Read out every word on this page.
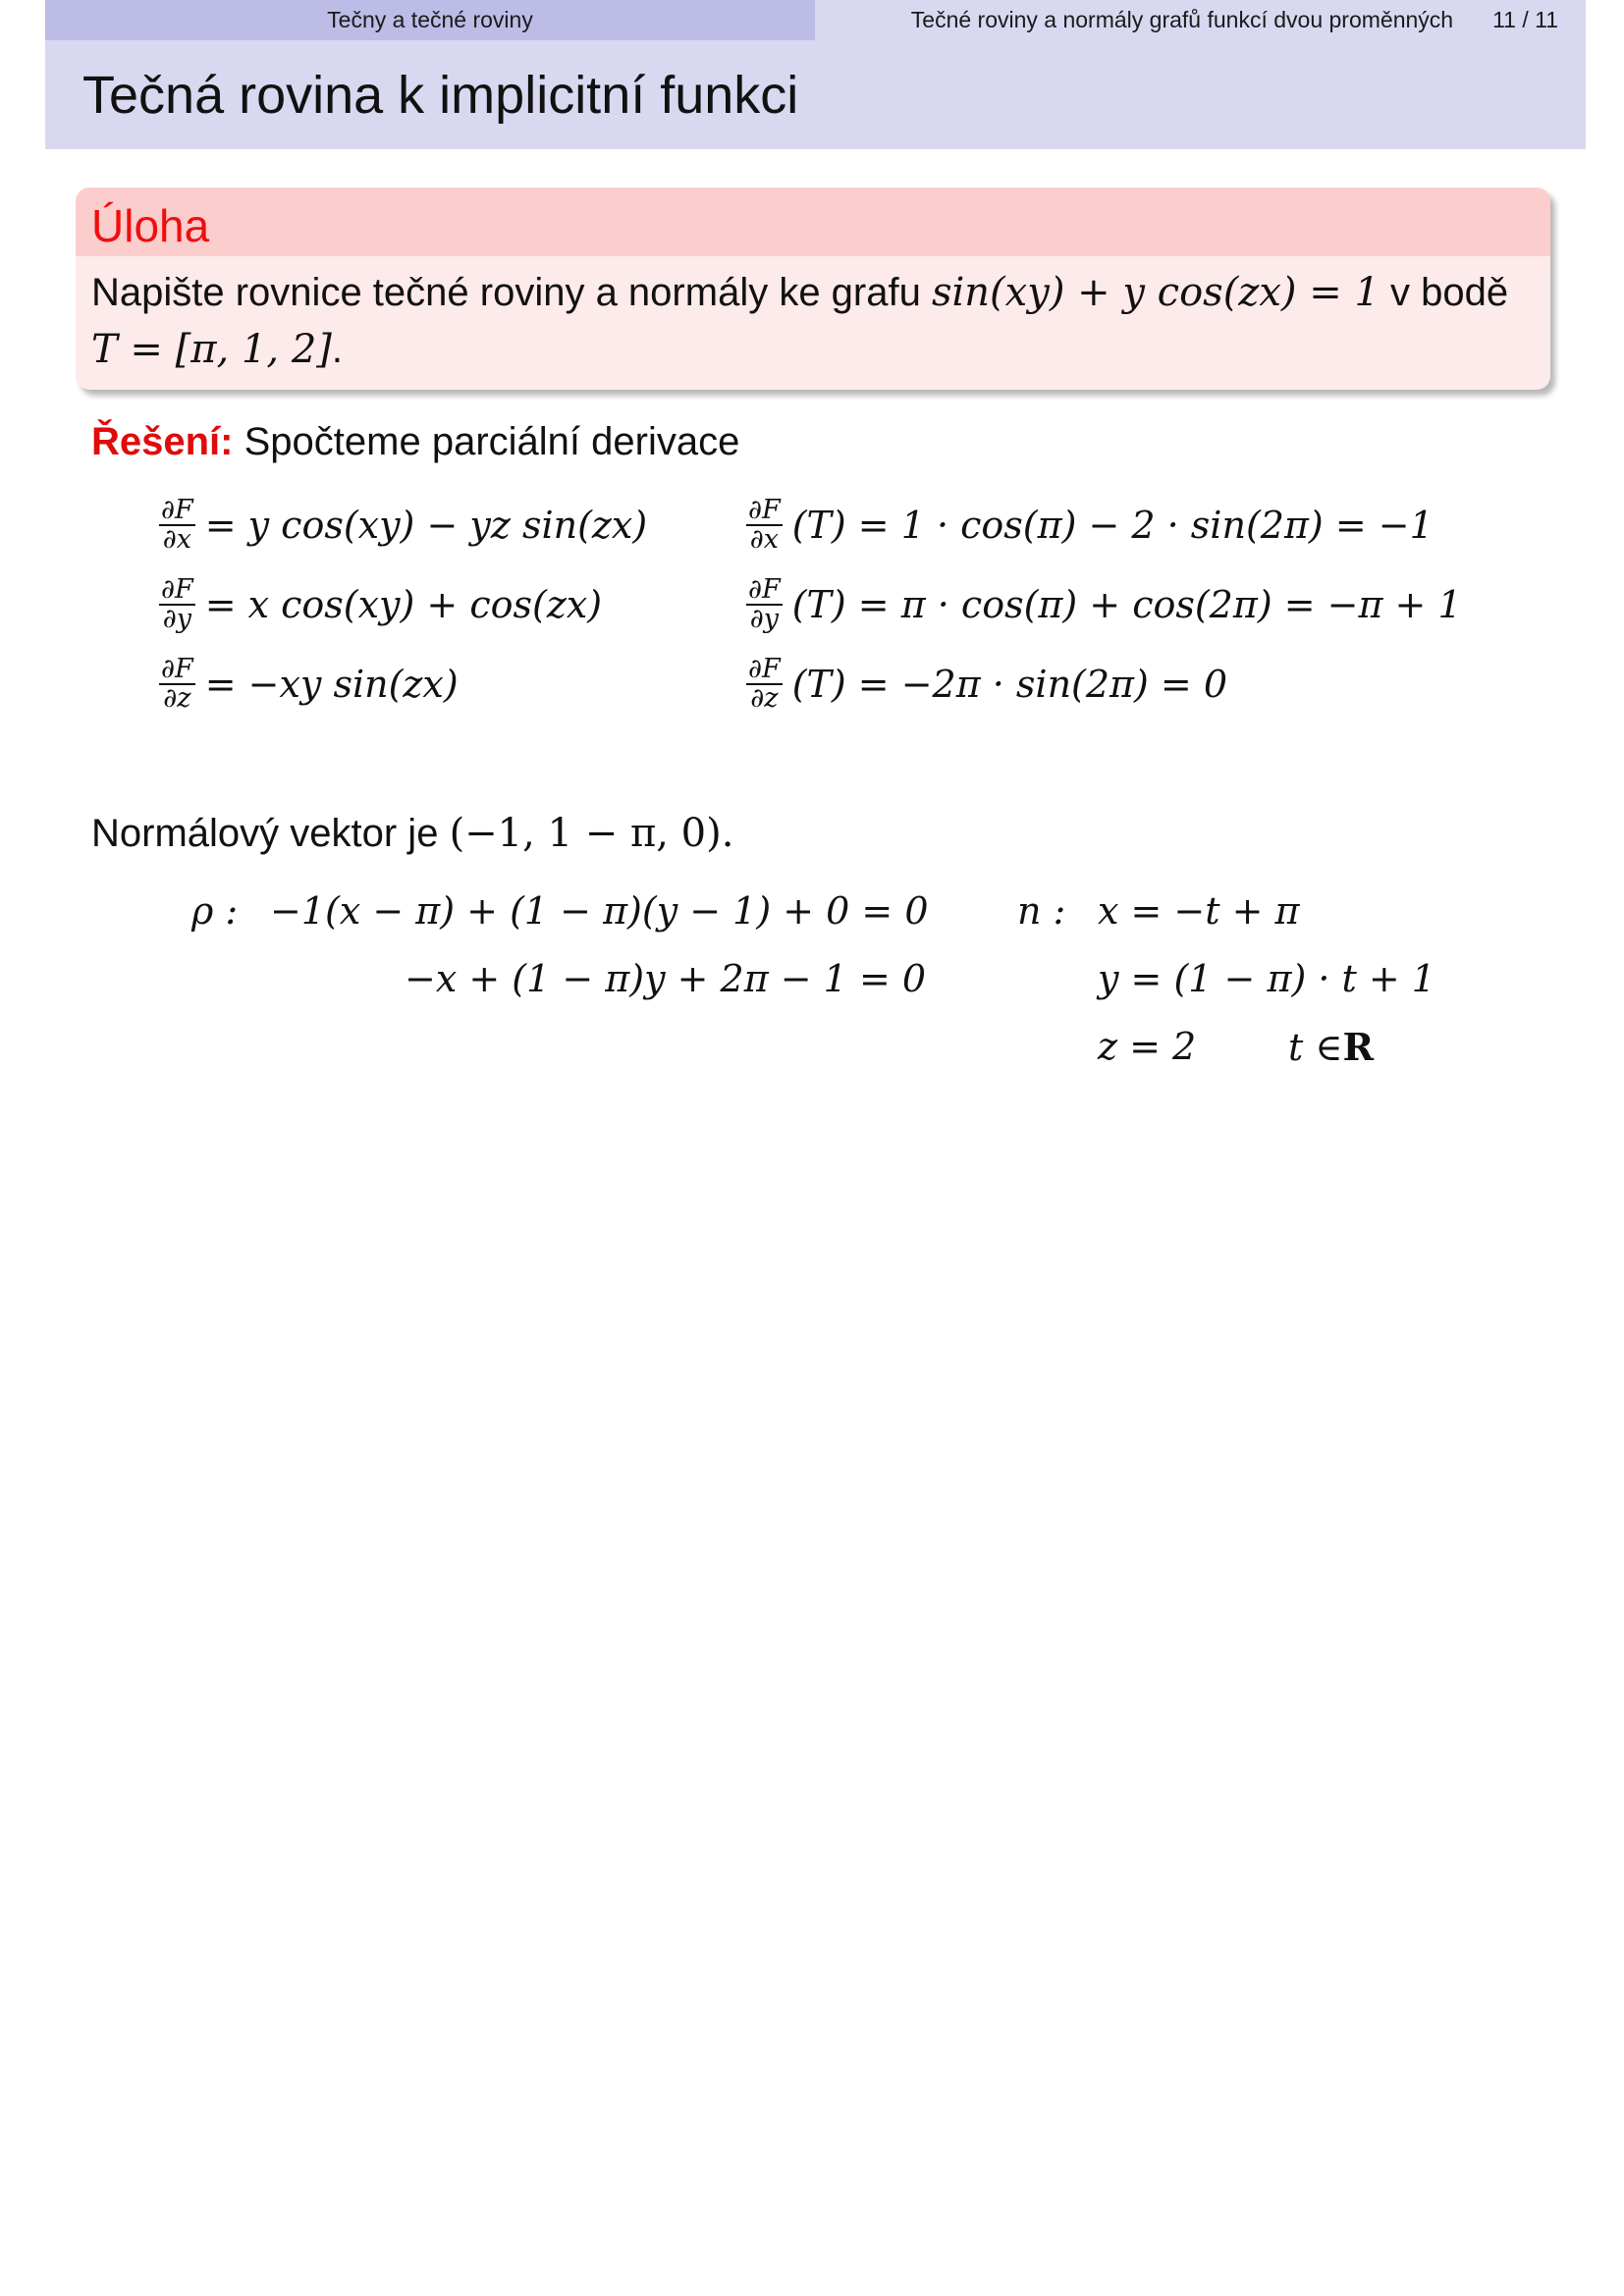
Tečny a tečné roviny	Tečné roviny a normály grafů funkcí dvou proměnných 11 / 11
Tečná rovina k implicitní funkci
Úloha
Napište rovnice tečné roviny a normály ke grafu sin(xy) + y cos(zx) = 1 v bodě T = [π, 1, 2].
Řešení: Spočteme parciální derivace
$\frac{\partial F}{\partial x} = y$ cos(xy) − yz sin(zx)
$\frac{\partial F}{\partial y} = x$ cos(xy) + cos(zx)
$\frac{\partial F}{\partial z} = -xy$ sin(zx)
$\frac{\partial F}{\partial x} (T) = 1 \cdot \cos(\pi) - 2 \cdot \sin(2\pi) = -1$
$\frac{\partial F}{\partial y} (T) = \pi \cdot \cos(\pi) + \cos(2\pi) = -\pi + 1$
$\frac{\partial F}{\partial z} (T) = -2\pi \cdot \sin(2\pi) = 0$
Normálový vektor je (−1, 1 − π, 0).
ρ : −1(x − π) + (1 − π)(y − 1) + 0 = 0
−x + (1 − π)y + 2π − 1 = 0
n : x = −t + π
y = (1 − π) · t + 1
z = 2 t ∈ R
